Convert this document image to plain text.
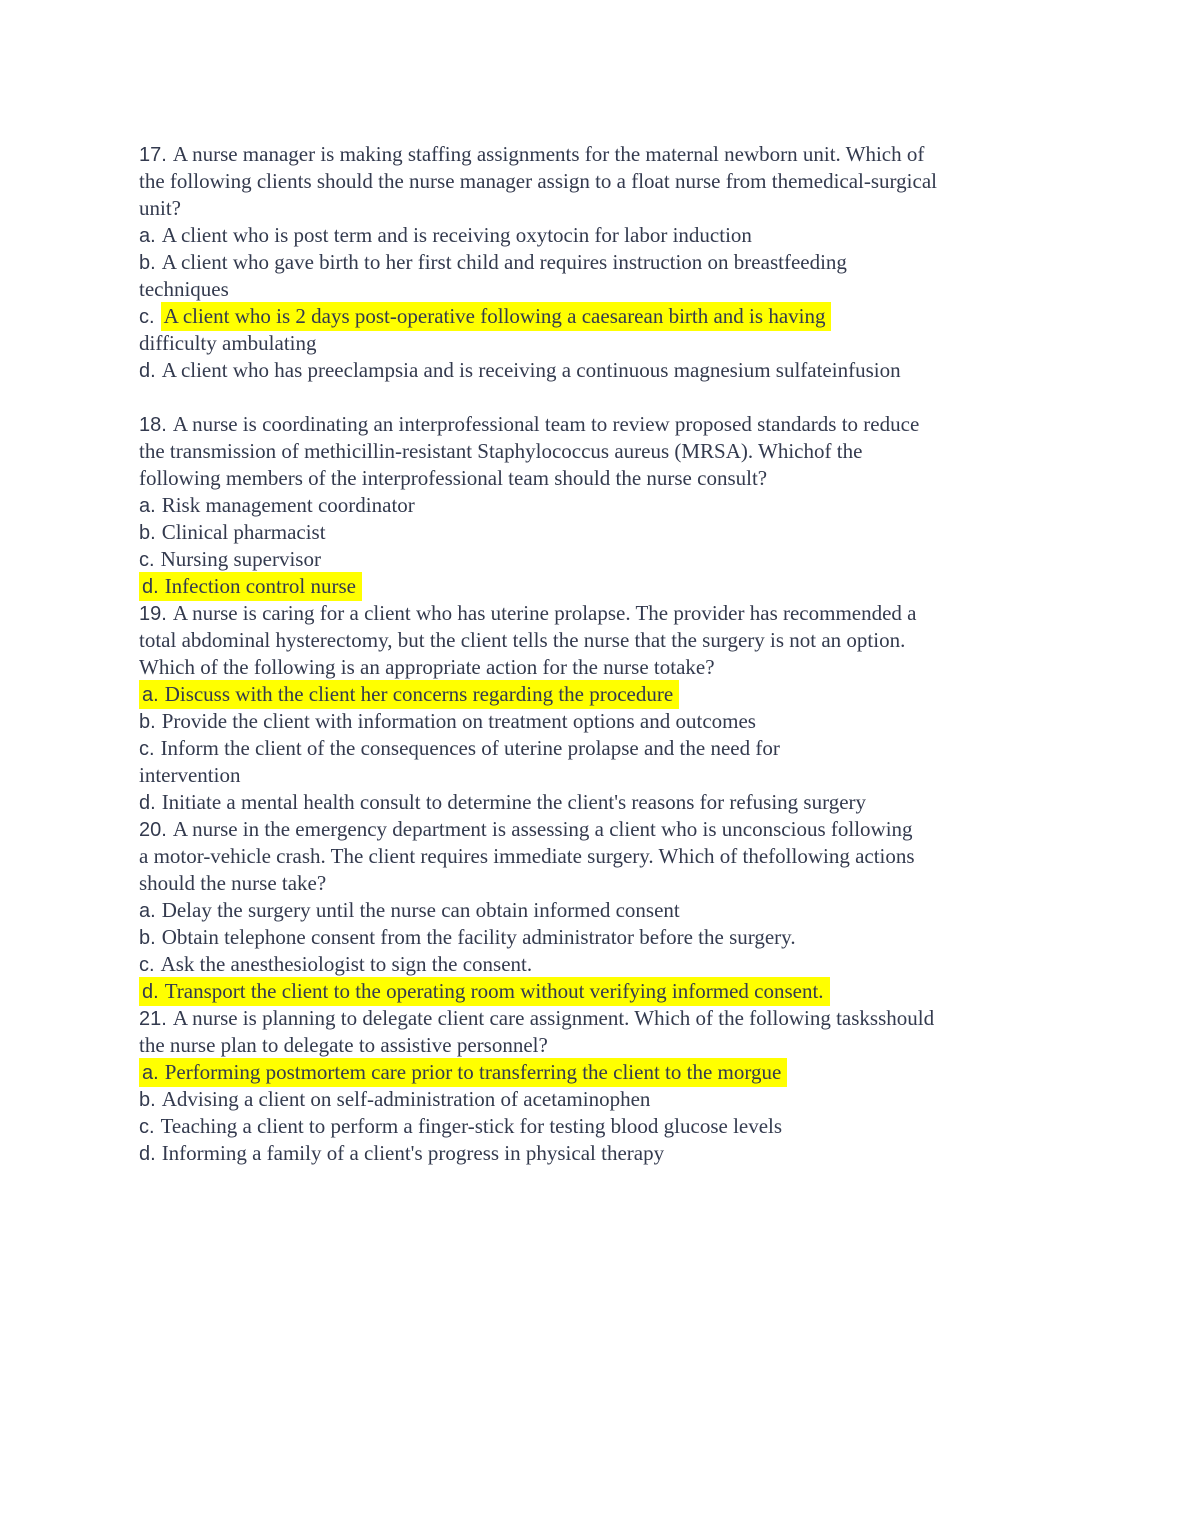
17. A nurse manager is making staffing assignments for the maternal newborn unit. Which of
the following clients should the nurse manager assign to a float nurse from themedical-surgical
unit?
a. A client who is post term and is receiving oxytocin for labor induction
b. A client who gave birth to her first child and requires instruction on breastfeeding
techniques
c. A client who is 2 days post-operative following a caesarean birth and is having
difficulty ambulating
d. A client who has preeclampsia and is receiving a continuous magnesium sulfateinfusion
18. A nurse is coordinating an interprofessional team to review proposed standards to reduce
the transmission of methicillin-resistant Staphylococcus aureus (MRSA). Whichof the
following members of the interprofessional team should the nurse consult?
a. Risk management coordinator
b. Clinical pharmacist
c. Nursing supervisor
d. Infection control nurse
19. A nurse is caring for a client who has uterine prolapse. The provider has recommended a
total abdominal hysterectomy, but the client tells the nurse that the surgery is not an option.
Which of the following is an appropriate action for the nurse totake?
a. Discuss with the client her concerns regarding the procedure
b. Provide the client with information on treatment options and outcomes
c. Inform the client of the consequences of uterine prolapse and the need for
intervention
d. Initiate a mental health consult to determine the client's reasons for refusing surgery
20. A nurse in the emergency department is assessing a client who is unconscious following
a motor-vehicle crash. The client requires immediate surgery. Which of thefollowing actions
should the nurse take?
a. Delay the surgery until the nurse can obtain informed consent
b. Obtain telephone consent from the facility administrator before the surgery.
c. Ask the anesthesiologist to sign the consent.
d. Transport the client to the operating room without verifying informed consent.
21. A nurse is planning to delegate client care assignment. Which of the following tasksshould
the nurse plan to delegate to assistive personnel?
a. Performing postmortem care prior to transferring the client to the morgue
b. Advising a client on self-administration of acetaminophen
c. Teaching a client to perform a finger-stick for testing blood glucose levels
d. Informing a family of a client's progress in physical therapy
